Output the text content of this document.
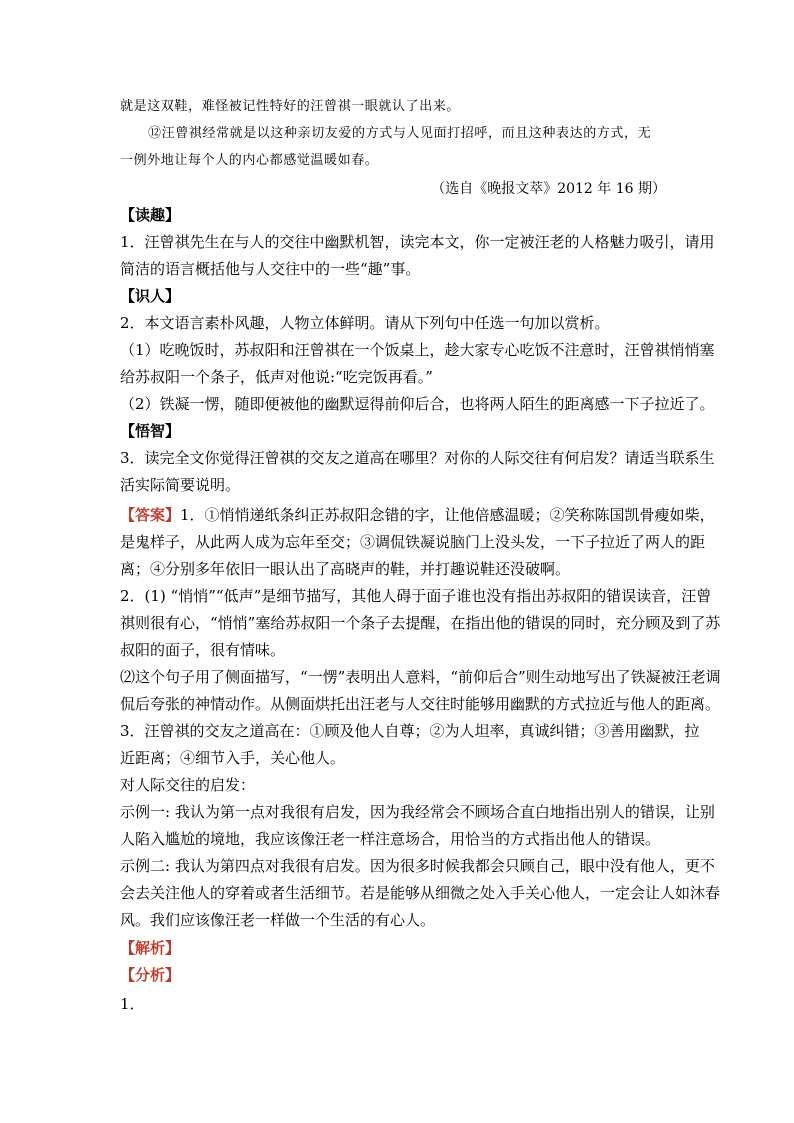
就是这双鞋，难怪被记性特好的汪曾祺一眼就认了出来。
⑫汪曾祺经常就是以这种亲切友爱的方式与人见面打招呼，而且这种表达的方式，无
一例外地让每个人的内心都感觉温暖如春。
（选自《晚报文萃》2012 年 16 期）
【读趣】
1．汪曾祺先生在与人的交往中幽默机智，读完本文，你一定被汪老的人格魅力吸引，请用
简洁的语言概括他与人交往中的一些“趣”事。
【识人】
2．本文语言素朴风趣，人物立体鲜明。请从下列句中任选一句加以赏析。
（1）吃晚饭时，苏叔阳和汪曾祺在一个饭桌上，趁大家专心吃饭不注意时，汪曾祺悄悄塞
给苏叔阳一个条子，低声对他说:“吃完饭再看。”
（2）铁凝一愣，随即便被他的幽默逗得前仰后合，也将两人陌生的距离感一下子拉近了。
【悟智】
3．读完全文你觉得汪曾祺的交友之道高在哪里？对你的人际交往有何启发？请适当联系生
活实际简要说明。
【答案】1．①悄悄递纸条纠正苏叔阳念错的字，让他倍感温暖；②笑称陈国凯骨瘦如柴，
是鬼样子，从此两人成为忘年至交；③调侃铁凝说脑门上没头发，一下子拉近了两人的距
离；④分别多年依旧一眼认出了高晓声的鞋，并打趣说鞋还没破啊。
2．(1) “悄悄”“低声”是细节描写，其他人碍于面子谁也没有指出苏叔阳的错误读音，汪曾
祺则很有心，“悄悄”塞给苏叔阳一个条子去提醒，在指出他的错误的同时，充分顾及到了苏
叔阳的面子，很有情味。
⑵这个句子用了侧面描写，“一愣”表明出人意料，“前仰后合”则生动地写出了铁凝被汪老调
侃后夸张的神情动作。从侧面烘托出汪老与人交往时能够用幽默的方式拉近与他人的距离。
3．汪曾祺的交友之道高在：①顾及他人自尊；②为人坦率，真诚纠错；③善用幽默，拉
近距离；④细节入手，关心他人。
对人际交往的启发：
示例一: 我认为第一点对我很有启发，因为我经常会不顾场合直白地指出别人的错误，让别
人陷入尴尬的境地，我应该像汪老一样注意场合，用恰当的方式指出他人的错误。
示例二: 我认为第四点对我很有启发。因为很多时候我都会只顾自己，眼中没有他人，更不
会去关注他人的穿着或者生活细节。若是能够从细微之处入手关心他人，一定会让人如沐春
风。我们应该像汪老一样做一个生活的有心人。
【解析】
【分析】
1．
